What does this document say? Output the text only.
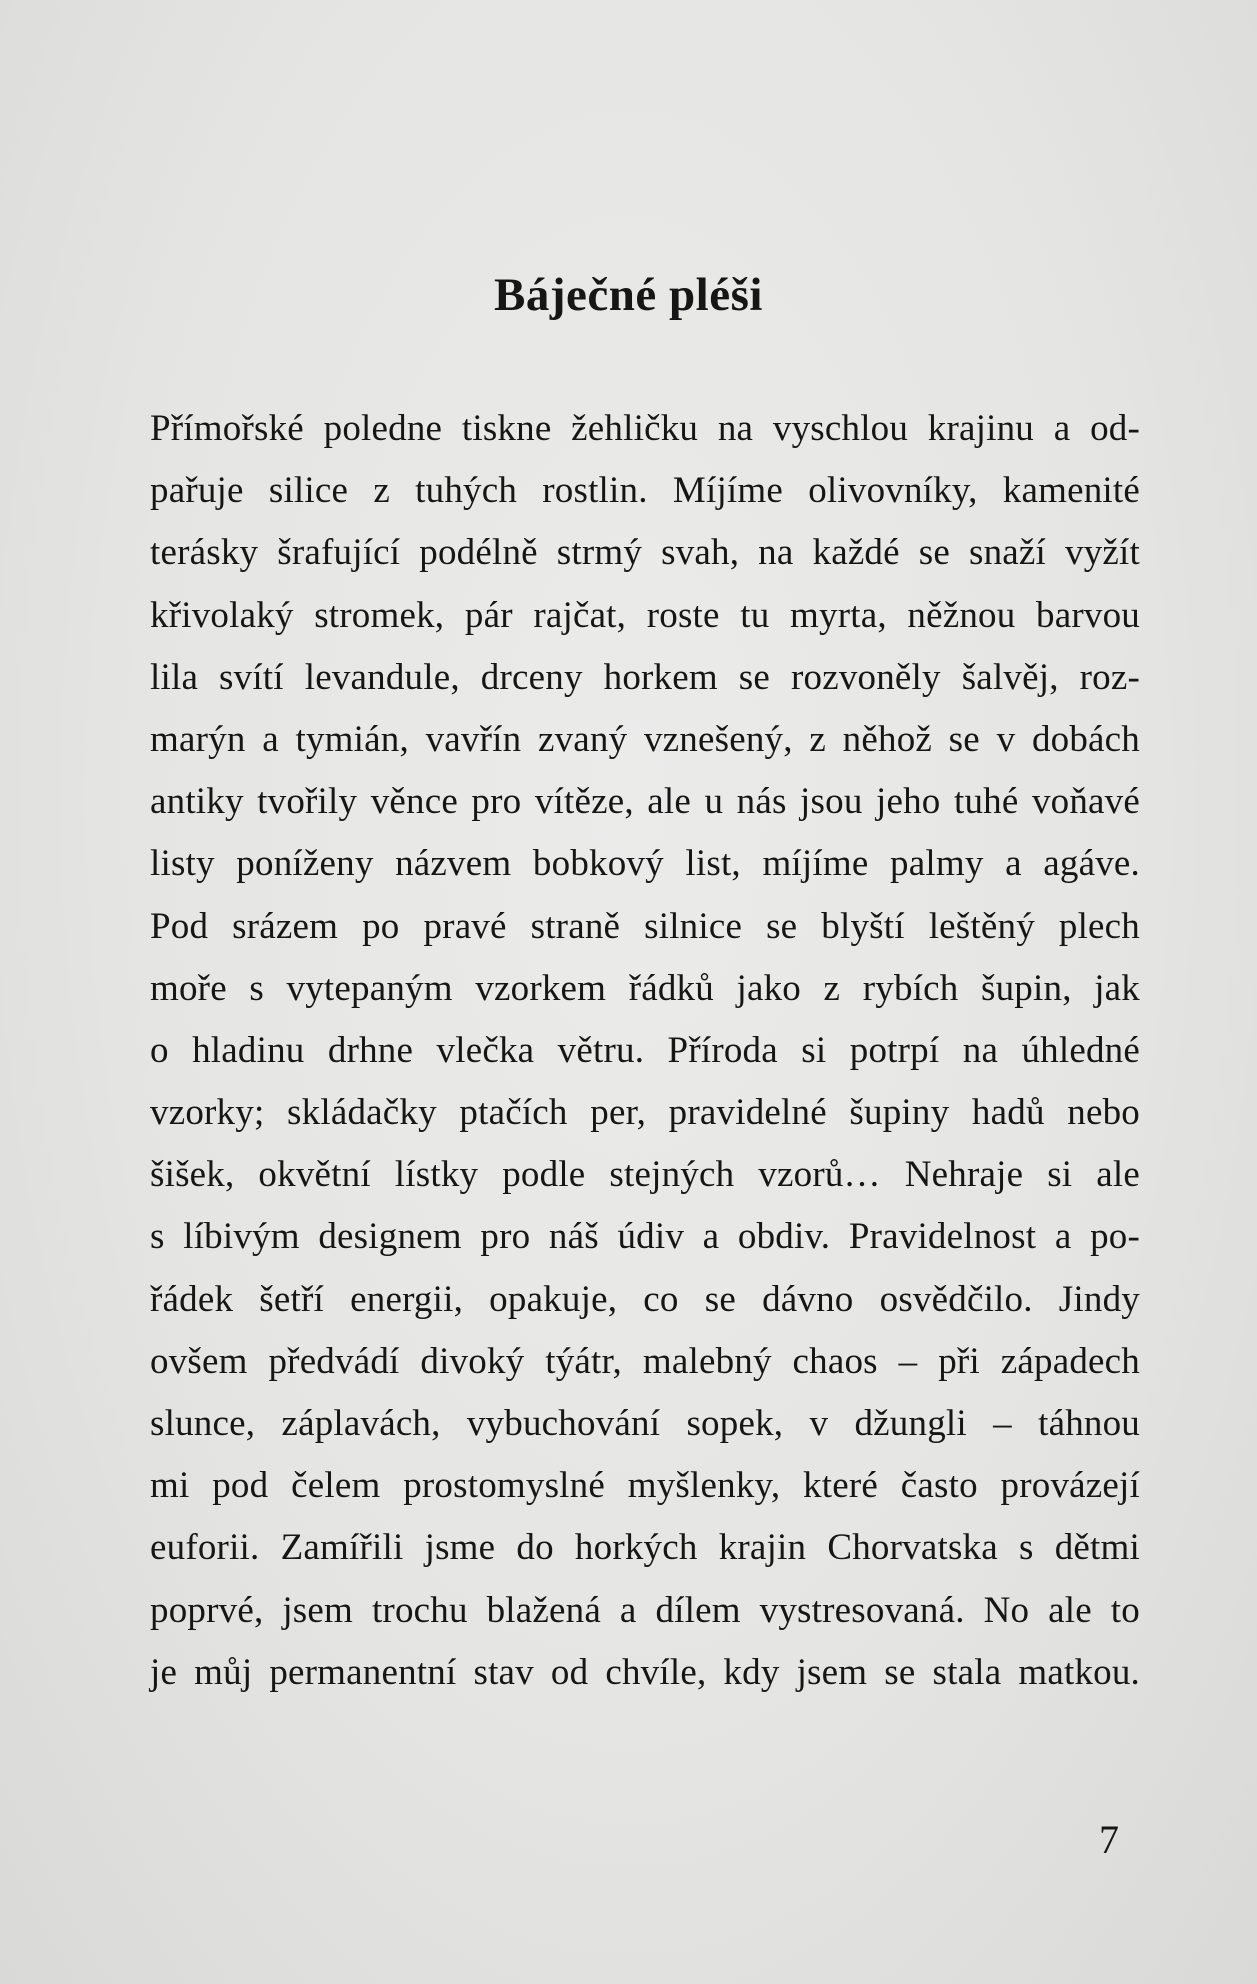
Báječné pléši
Přímořské poledne tiskne žehličku na vyschlou krajinu a od-
pařuje silice z tuhých rostlin. Míjíme olivovníky, kamenité
terásky šrafující podélně strmý svah, na každé se snaží vyžít
křivolaký stromek, pár rajčat, roste tu myrta, něžnou barvou
lila svítí levandule, drceny horkem se rozvoněly šalvěj, roz-
marýn a tymián, vavřín zvaný vznešený, z něhož se v dobách
antiky tvořily věnce pro vítěze, ale u nás jsou jeho tuhé voňavé
listy poníženy názvem bobkový list, míjíme palmy a agáve.
Pod srázem po pravé straně silnice se blyští leštěný plech
moře s vytepaným vzorkem řádků jako z rybích šupin, jak
o hladinu drhne vlečka větru. Příroda si potrpí na úhledné
vzorky; skládačky ptačích per, pravidelné šupiny hadů nebo
šišek, okvětní lístky podle stejných vzorů… Nehraje si ale
s líbivým designem pro náš údiv a obdiv. Pravidelnost a po-
řádek šetří energii, opakuje, co se dávno osvědčilo. Jindy
ovšem předvádí divoký týátr, malebný chaos – při západech
slunce, záplavách, vybuchování sopek, v džungli – táhnou
mi pod čelem prostomyslné myšlenky, které často provázejí
euforii. Zamířili jsme do horkých krajin Chorvatska s dětmi
poprvé, jsem trochu blažená a dílem vystresovaná. No ale to
je můj permanentní stav od chvíle, kdy jsem se stala matkou.

7
